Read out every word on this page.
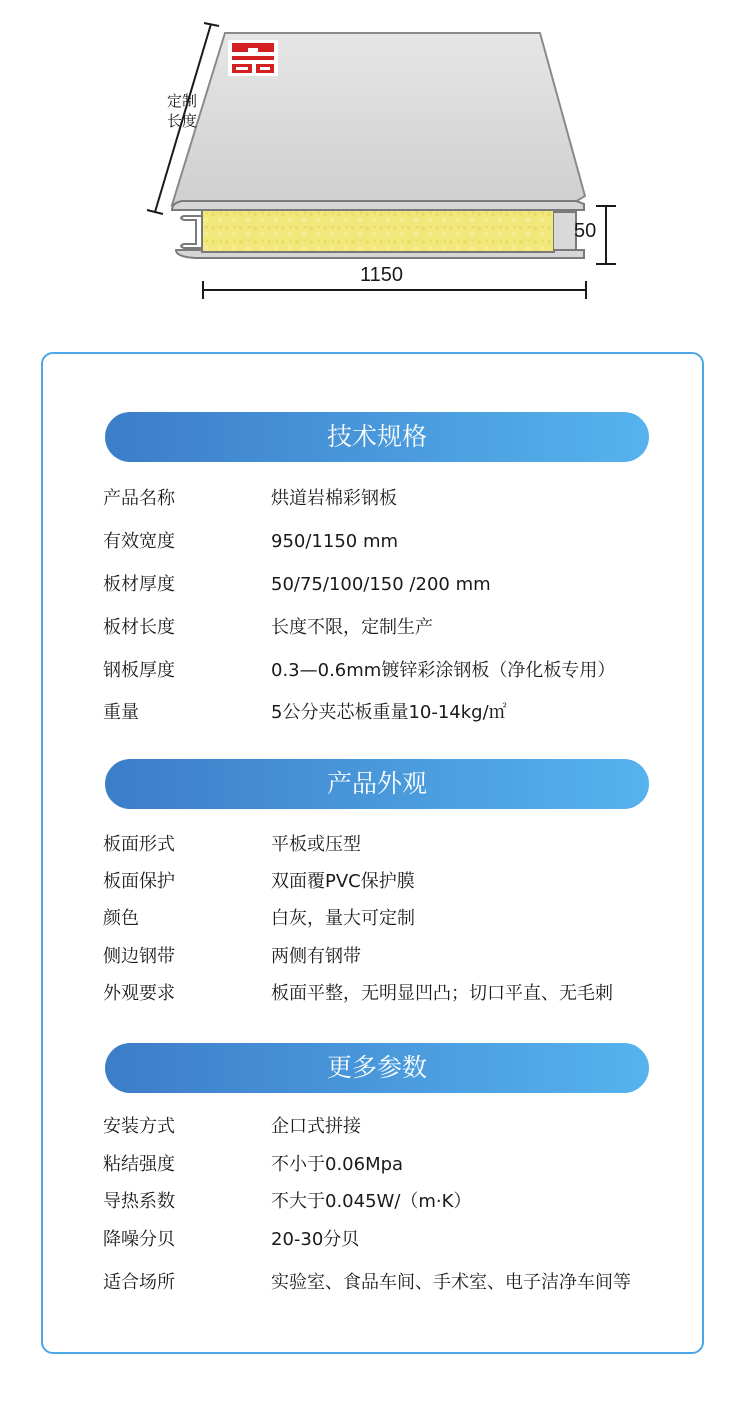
定制
长度
50
1150
技术规格
产品名称	烘道岩棉彩钢板
有效宽度	950/1150 mm
板材厚度	50/75/100/150 /200 mm
板材长度	长度不限，定制生产
钢板厚度	0.3—0.6mm镀锌彩涂钢板（净化板专用）
重量	5公分夹芯板重量10-14kg/㎡
产品外观
板面形式	平板或压型
板面保护	双面覆PVC保护膜
颜色	白灰，量大可定制
侧边钢带	两侧有钢带
外观要求	板面平整，无明显凹凸；切口平直、无毛刺
更多参数
安装方式	企口式拼接
粘结强度	不小于0.06Mpa
导热系数	不大于0.045W/（m·K）
降噪分贝	20-30分贝
适合场所	实验室、食品车间、手术室、电子洁净车间等
